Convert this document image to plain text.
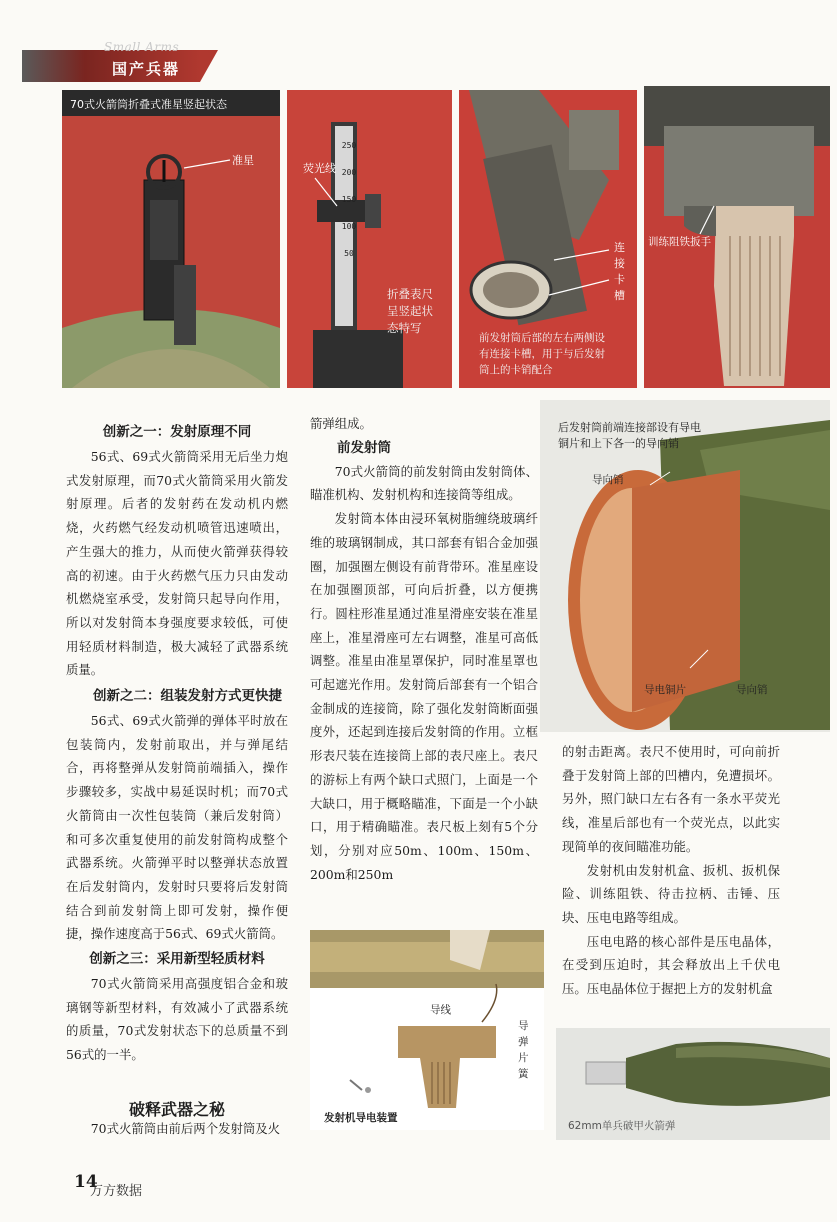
Small Arms
国产兵器
70式火箭筒折叠式准星竖起状态
准星
荧光线
250
200
150
100
50
折叠表尺
呈竖起状
态特写
连
接
卡
槽
前发射筒后部的左右两侧设
有连接卡槽，用于与后发射
筒上的卡销配合
训练阻铁扳手
创新之一：发射原理不同

56式、69式火箭筒采用无后坐力炮式发射原理，而70式火箭筒采用火箭发射原理。后者的发射药在发动机内燃烧，火药燃气经发动机喷管迅速喷出，产生强大的推力，从而使火箭弹获得较高的初速。由于火药燃气压力只由发动机燃烧室承受，发射筒只起导向作用，所以对发射筒本身强度要求较低，可使用轻质材料制造，极大减轻了武器系统质量。

创新之二：组装发射方式更快捷

56式、69式火箭弹的弹体平时放在包装筒内，发射前取出，并与弹尾结合，再将整弹从发射筒前端插入，操作步骤较多，实战中易延误时机；而70式火箭筒由一次性包装筒（兼后发射筒）和可多次重复使用的前发射筒构成整个武器系统。火箭弹平时以整弹状态放置在后发射筒内，发射时只要将后发射筒结合到前发射筒上即可发射，操作便捷，操作速度高于56式、69式火箭筒。

创新之三：采用新型轻质材料

70式火箭筒采用高强度铝合金和玻璃钢等新型材料，有效减小了武器系统的质量，70式发射状态下的总质量不到56式的一半。

破释武器之秘

70式火箭筒由前后两个发射筒及火

箭弹组成。

前发射筒

70式火箭筒的前发射筒由发射筒体、瞄准机构、发射机构和连接筒等组成。

发射筒本体由浸环氧树脂缠绕玻璃纤维的玻璃钢制成，其口部套有铝合金加强圈，加强圈左侧设有前背带环。准星座设在加强圈顶部，可向后折叠，以方便携行。圆柱形准星通过准星滑座安装在准星座上，准星滑座可左右调整，准星可高低调整。准星由准星罩保护，同时准星罩也可起遮光作用。发射筒后部套有一个铝合金制成的连接筒，除了强化发射筒断面强度外，还起到连接后发射筒的作用。立框形表尺装在连接筒上部的表尺座上。表尺的游标上有两个缺口式照门，上面是一个大缺口，用于概略瞄准，下面是一个小缺口，用于精确瞄准。表尺板上刻有5个分划，分别对应50m、100m、150m、200m和250m

后发射筒前端连接部设有导电
铜片和上下各一的导向销
导向销
导电铜片	导向销

的射击距离。表尺不使用时，可向前折叠于发射筒上部的凹槽内，免遭损坏。另外，照门缺口左右各有一条水平荧光线，准星后部也有一个荧光点，以此实现简单的夜间瞄准功能。

发射机由发射机盒、扳机、扳机保险、训练阻铁、待击拉柄、击锤、压块、压电电路等组成。

压电电路的核心部件是压电晶体，在受到压迫时，其会释放出上千伏电压。压电晶体位于握把上方的发射机盒

导线
导
弹
片
簧
发射机导电装置
62mm单兵破甲火箭弹
14
万方数据
